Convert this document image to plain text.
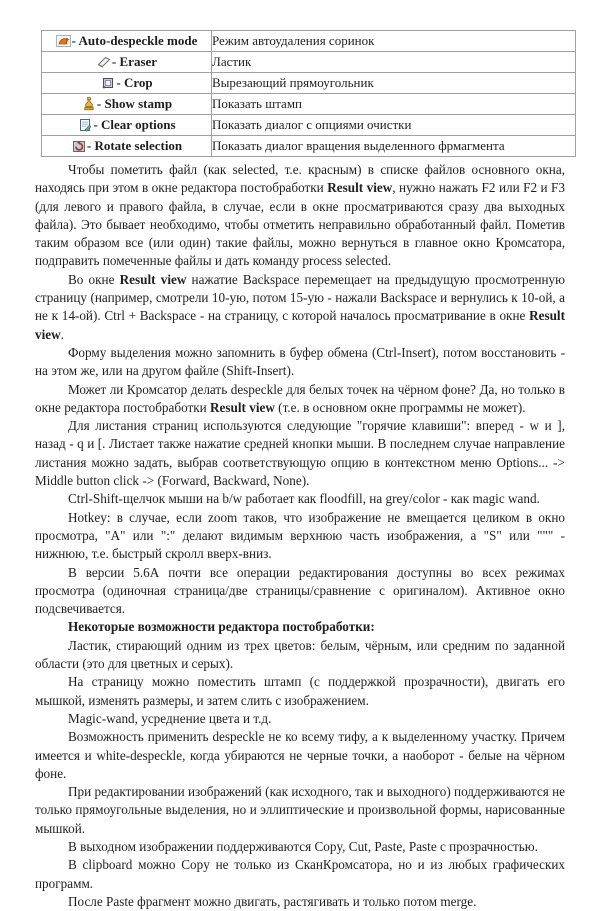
- Auto-despeckle mode	Режим автоудаления соринок
- Eraser	Ластик
- Crop	Вырезающий прямоугольник
- Show stamp	Показать штамп
- Clear options	Показать диалог с опциями очистки
- Rotate selection	Показать диалог вращения выделенного фрмагмента

Чтобы пометить файл (как selected, т.е. красным) в списке файлов основного окна, находясь при этом в окне редактора постобработки Result view, нужно нажать F2 или F2 и F3 (для левого и правого файла, в случае, если в окне просматриваются сразу два выходных файла). Это бывает необходимо, чтобы отметить неправильно обработанный файл. Пометив таким образом все (или один) такие файлы, можно вернуться в главное окно Кромсатора, подправить помеченные файлы и дать команду process selected.

Во окне Result view нажатие Backspace перемещает на предыдущую просмотренную страницу (например, смотрели 10-ую, потом 15-ую - нажали Backspace и вернулись к 10-ой, а не к 14-ой). Ctrl + Backspace - на страницу, с которой началось просматривание в окне Result view.

Форму выделения можно запомнить в буфер обмена (Ctrl-Insert), потом восстановить - на этом же, или на другом файле (Shift-Insert).

Может ли Кромсатор делать despeckle для белых точек на чёрном фоне? Да, но только в окне редактора постобработки Result view (т.е. в основном окне программы не может).

Для листания страниц используются следующие "горячие клавиши": вперед - w и ], назад - q и [. Листает также нажатие средней кнопки мыши. В последнем случае направление листания можно задать, выбрав соответствующую опцию в контекстном меню Options... -> Middle button click -> (Forward, Backward, None).

Ctrl-Shift-щелчок мыши на b/w работает как floodfill, на grey/color - как magic wand.

Hotkey: в случае, если zoom таков, что изображение не вмещается целиком в окно просмотра, "A" или ":" делают видимым верхнюю часть изображения, а "S" или """ - нижнюю, т.е. быстрый скролл вверх-вниз.

В версии 5.6А почти все операции редактирования доступны во всех режимах просмотра (одиночная страница/две страницы/сравнение с оригиналом). Активное окно подсвечивается.

Некоторые возможности редактора постобработки:

Ластик, стирающий одним из трех цветов: белым, чёрным, или средним по заданной области (это для цветных и серых).

На страницу можно поместить штамп (с поддержкой прозрачности), двигать его мышкой, изменять размеры, и затем слить с изображением.

Magic-wand, усреднение цвета и т.д.

Возможность применить despeckle не ко всему тифу, а к выделенному участку. Причем имеется и white-despeckle, когда убираются не черные точки, а наоборот - белые на чёрном фоне.

При редактировании изображений (как исходного, так и выходного) поддерживаются не только прямоугольные выделения, но и эллиптические и произвольной формы, нарисованные мышкой.

В выходном изображении поддерживаются Copy, Cut, Paste, Paste с прозрачностью.

В clipboard можно Copy не только из СканКромсатора, но и из любых графических программ.

После Paste фрагмент можно двигать, растягивать и только потом merge.
